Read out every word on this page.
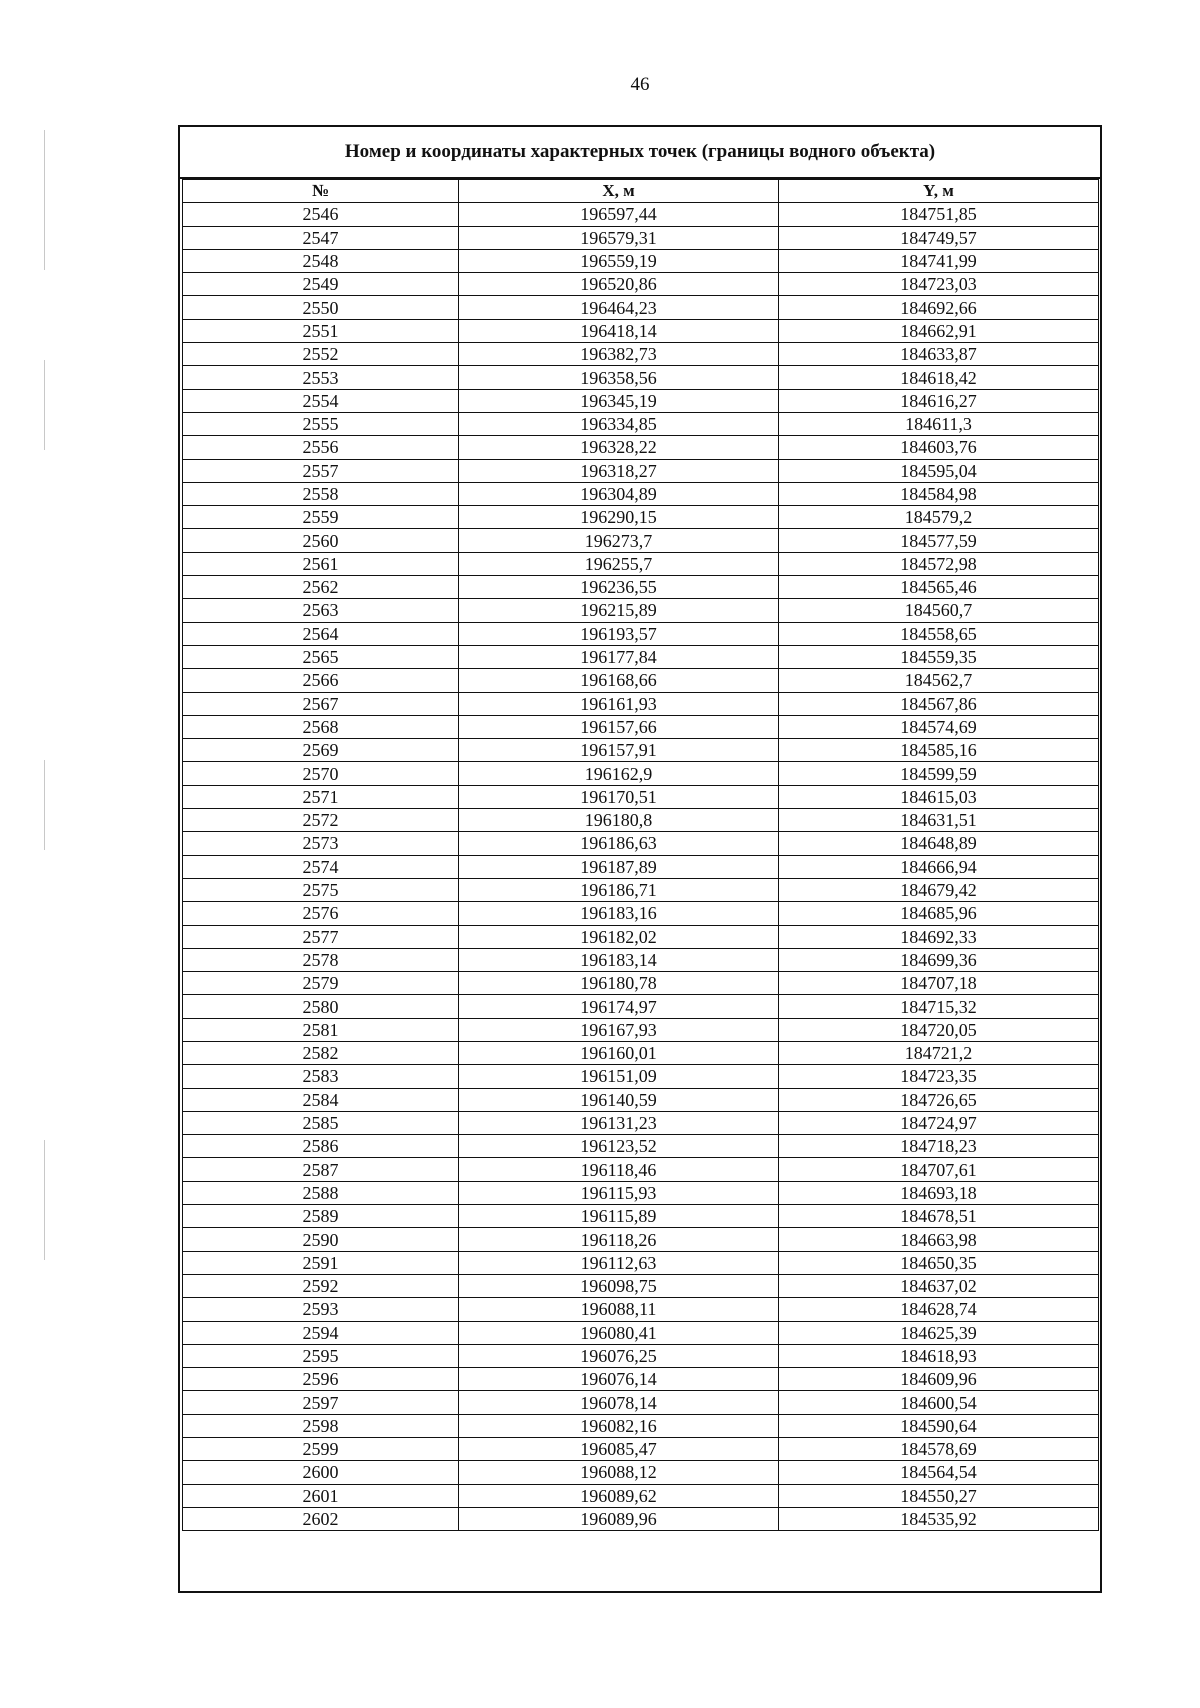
46
Номер и координаты характерных точек (границы водного объекта)
№	X, м	Y, м
2546	196597,44	184751,85
2547	196579,31	184749,57
2548	196559,19	184741,99
2549	196520,86	184723,03
2550	196464,23	184692,66
2551	196418,14	184662,91
2552	196382,73	184633,87
2553	196358,56	184618,42
2554	196345,19	184616,27
2555	196334,85	184611,3
2556	196328,22	184603,76
2557	196318,27	184595,04
2558	196304,89	184584,98
2559	196290,15	184579,2
2560	196273,7	184577,59
2561	196255,7	184572,98
2562	196236,55	184565,46
2563	196215,89	184560,7
2564	196193,57	184558,65
2565	196177,84	184559,35
2566	196168,66	184562,7
2567	196161,93	184567,86
2568	196157,66	184574,69
2569	196157,91	184585,16
2570	196162,9	184599,59
2571	196170,51	184615,03
2572	196180,8	184631,51
2573	196186,63	184648,89
2574	196187,89	184666,94
2575	196186,71	184679,42
2576	196183,16	184685,96
2577	196182,02	184692,33
2578	196183,14	184699,36
2579	196180,78	184707,18
2580	196174,97	184715,32
2581	196167,93	184720,05
2582	196160,01	184721,2
2583	196151,09	184723,35
2584	196140,59	184726,65
2585	196131,23	184724,97
2586	196123,52	184718,23
2587	196118,46	184707,61
2588	196115,93	184693,18
2589	196115,89	184678,51
2590	196118,26	184663,98
2591	196112,63	184650,35
2592	196098,75	184637,02
2593	196088,11	184628,74
2594	196080,41	184625,39
2595	196076,25	184618,93
2596	196076,14	184609,96
2597	196078,14	184600,54
2598	196082,16	184590,64
2599	196085,47	184578,69
2600	196088,12	184564,54
2601	196089,62	184550,27
2602	196089,96	184535,92
